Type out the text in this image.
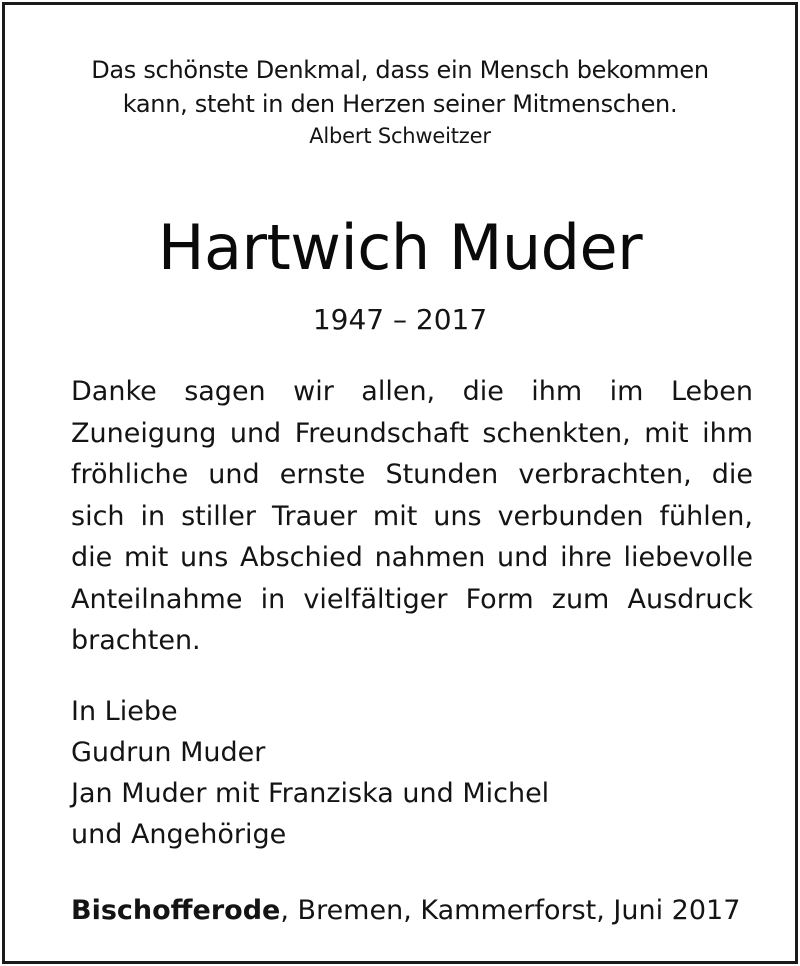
Das schönste Denkmal, dass ein Mensch bekommen
kann, steht in den Herzen seiner Mitmenschen.
Albert Schweitzer
Hartwich Muder
1947 – 2017
Danke sagen wir allen, die ihm im Leben
Zuneigung und Freundschaft schenkten, mit ihm
fröhliche und ernste Stunden verbrachten, die
sich in stiller Trauer mit uns verbunden fühlen,
die mit uns Abschied nahmen und ihre liebevolle
Anteilnahme in vielfältiger Form zum Ausdruck
brachten.
In Liebe
Gudrun Muder
Jan Muder mit Franziska und Michel
und Angehörige
Bischofferode, Bremen, Kammerforst, Juni 2017
